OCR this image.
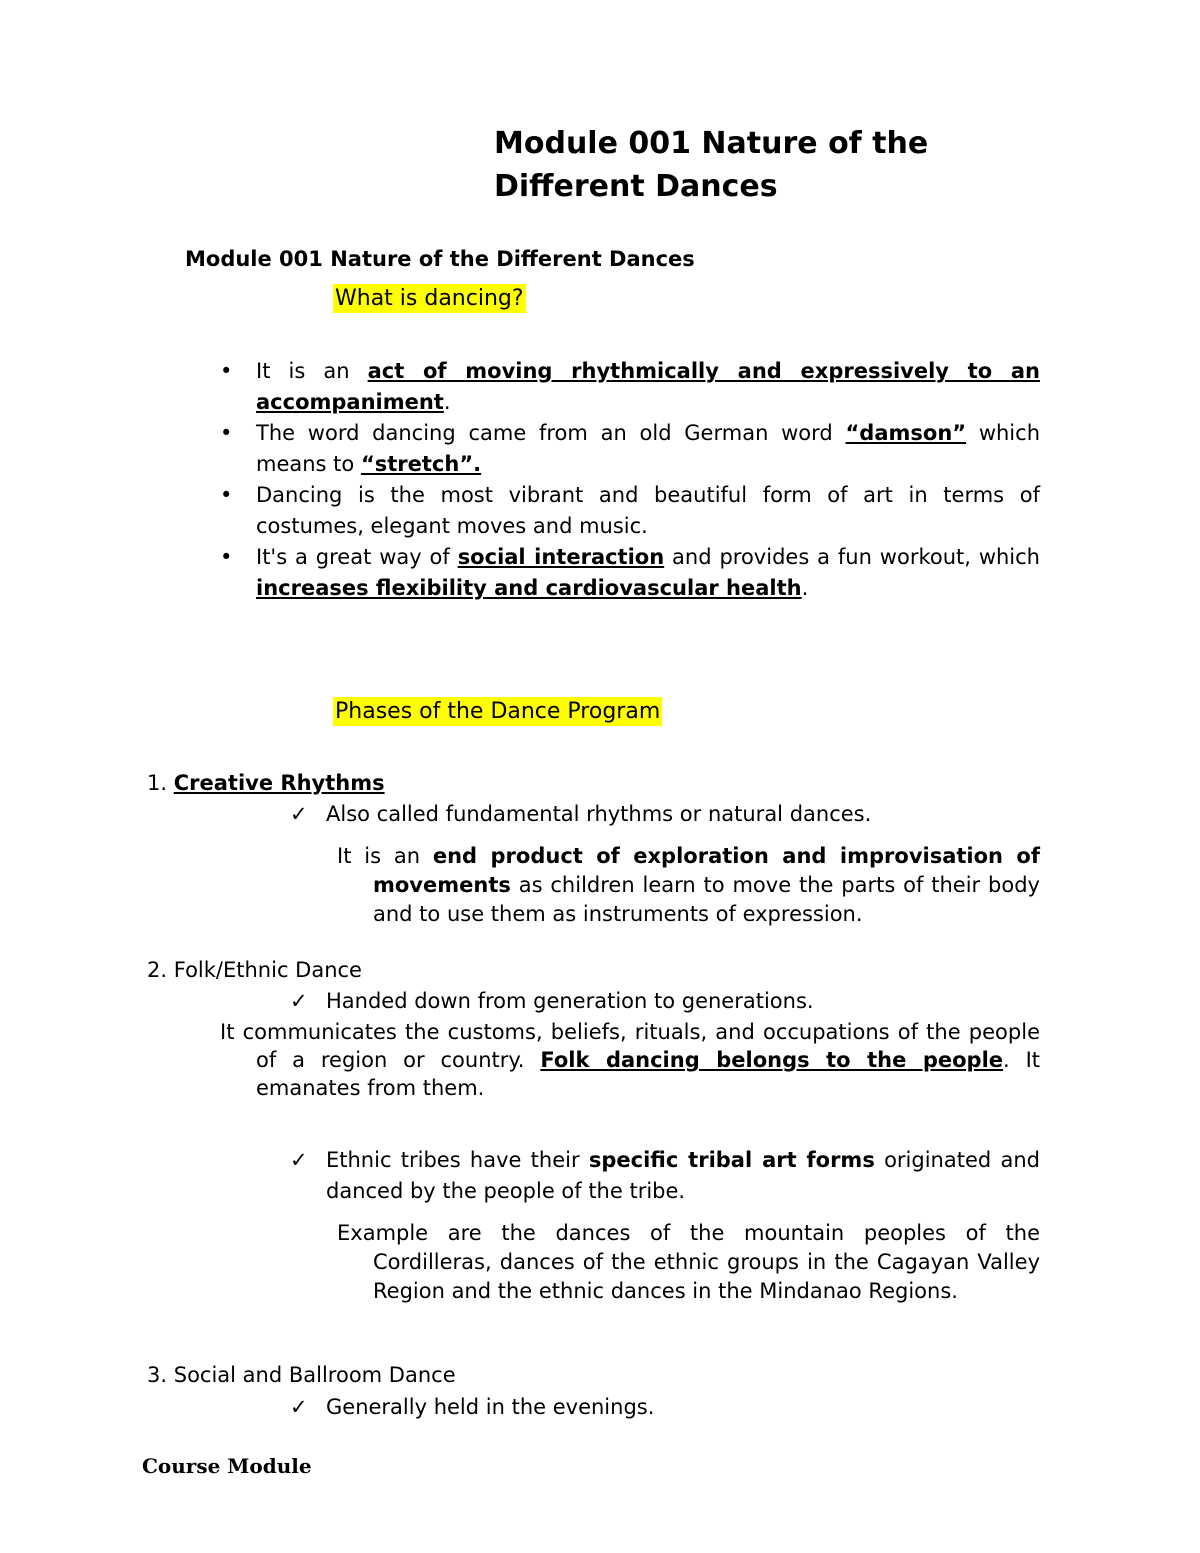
Module 001 Nature of the
Different Dances
Module 001 Nature of the Different Dances
What is dancing?
• It is an act of moving rhythmically and expressively to an accompaniment.
• The word dancing came from an old German word “damson” which means to “stretch”.
• Dancing is the most vibrant and beautiful form of art in terms of costumes, elegant moves and music.
• It's a great way of social interaction and provides a fun workout, which increases flexibility and cardiovascular health.
Phases of the Dance Program
1. Creative Rhythms
✓ Also called fundamental rhythms or natural dances.
It is an end product of exploration and improvisation of movements as children learn to move the parts of their body and to use them as instruments of expression.
2. Folk/Ethnic Dance
✓ Handed down from generation to generations.
It communicates the customs, beliefs, rituals, and occupations of the people of a region or country. Folk dancing belongs to the people. It emanates from them.
✓ Ethnic tribes have their specific tribal art forms originated and danced by the people of the tribe.
Example are the dances of the mountain peoples of the Cordilleras, dances of the ethnic groups in the Cagayan Valley Region and the ethnic dances in the Mindanao Regions.
3. Social and Ballroom Dance
✓ Generally held in the evenings.
Course Module
